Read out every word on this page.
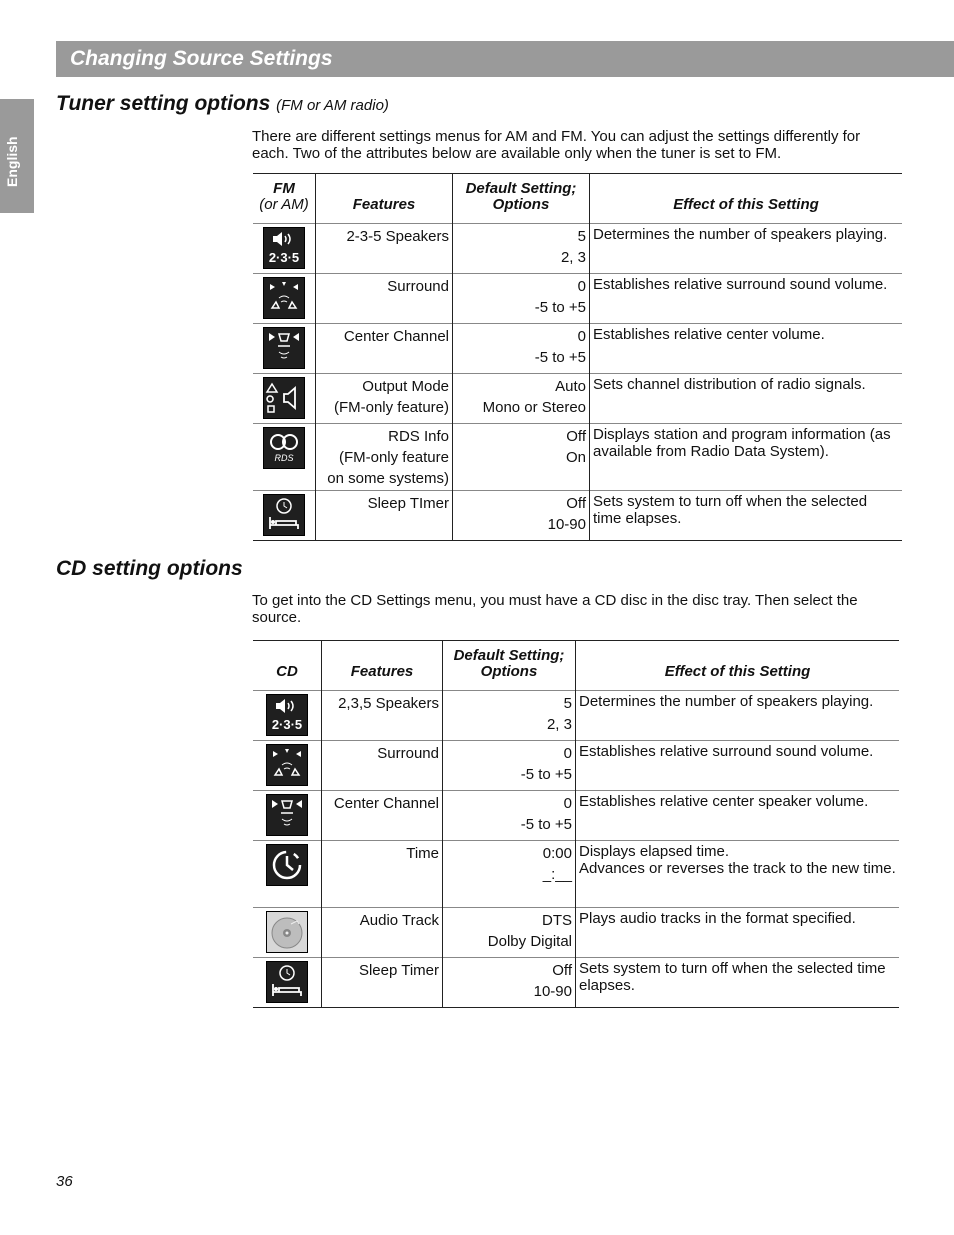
Changing Source Settings
English
Tuner setting options (FM or AM radio)

There are different settings menus for AM and FM. You can adjust the settings differently for each. Two of the attributes below are available only when the tuner is set to FM.

FM
(or AM)	Features	Default Setting;
Options	Effect of this Setting

2·3·5	2-3-5 Speakers	5
2, 3	Determines the number of speakers playing.

Surround	0
-5 to +5	Establishes relative surround sound volume.

Center Channel	0
-5 to +5	Establishes relative center volume.

Output Mode
(FM-only feature)	Auto
Mono or Stereo	Sets channel distribution of radio signals.

RDS	RDS Info
(FM-only feature
on some systems)	Off
On	Displays station and program information (as available from Radio Data System).

Sleep TImer	Off
10-90	Sets system to turn off when the selected time elapses.
CD setting options

To get into the CD Settings menu, you must have a CD disc in the disc tray. Then select the source.

CD	Features	Default Setting;
Options	Effect of this Setting

2·3·5	2,3,5 Speakers	5
2, 3	Determines the number of speakers playing.

Surround	0
-5 to +5	Establishes relative surround sound volume.

Center Channel	0
-5 to +5	Establishes relative center speaker volume.

Time	0:00
_:__	Displays elapsed time.
Advances or reverses the track to the new time.

Audio Track	DTS
Dolby Digital	Plays audio tracks in the format specified.

Sleep Timer	Off
10-90	Sets system to turn off when the selected time elapses.
36
